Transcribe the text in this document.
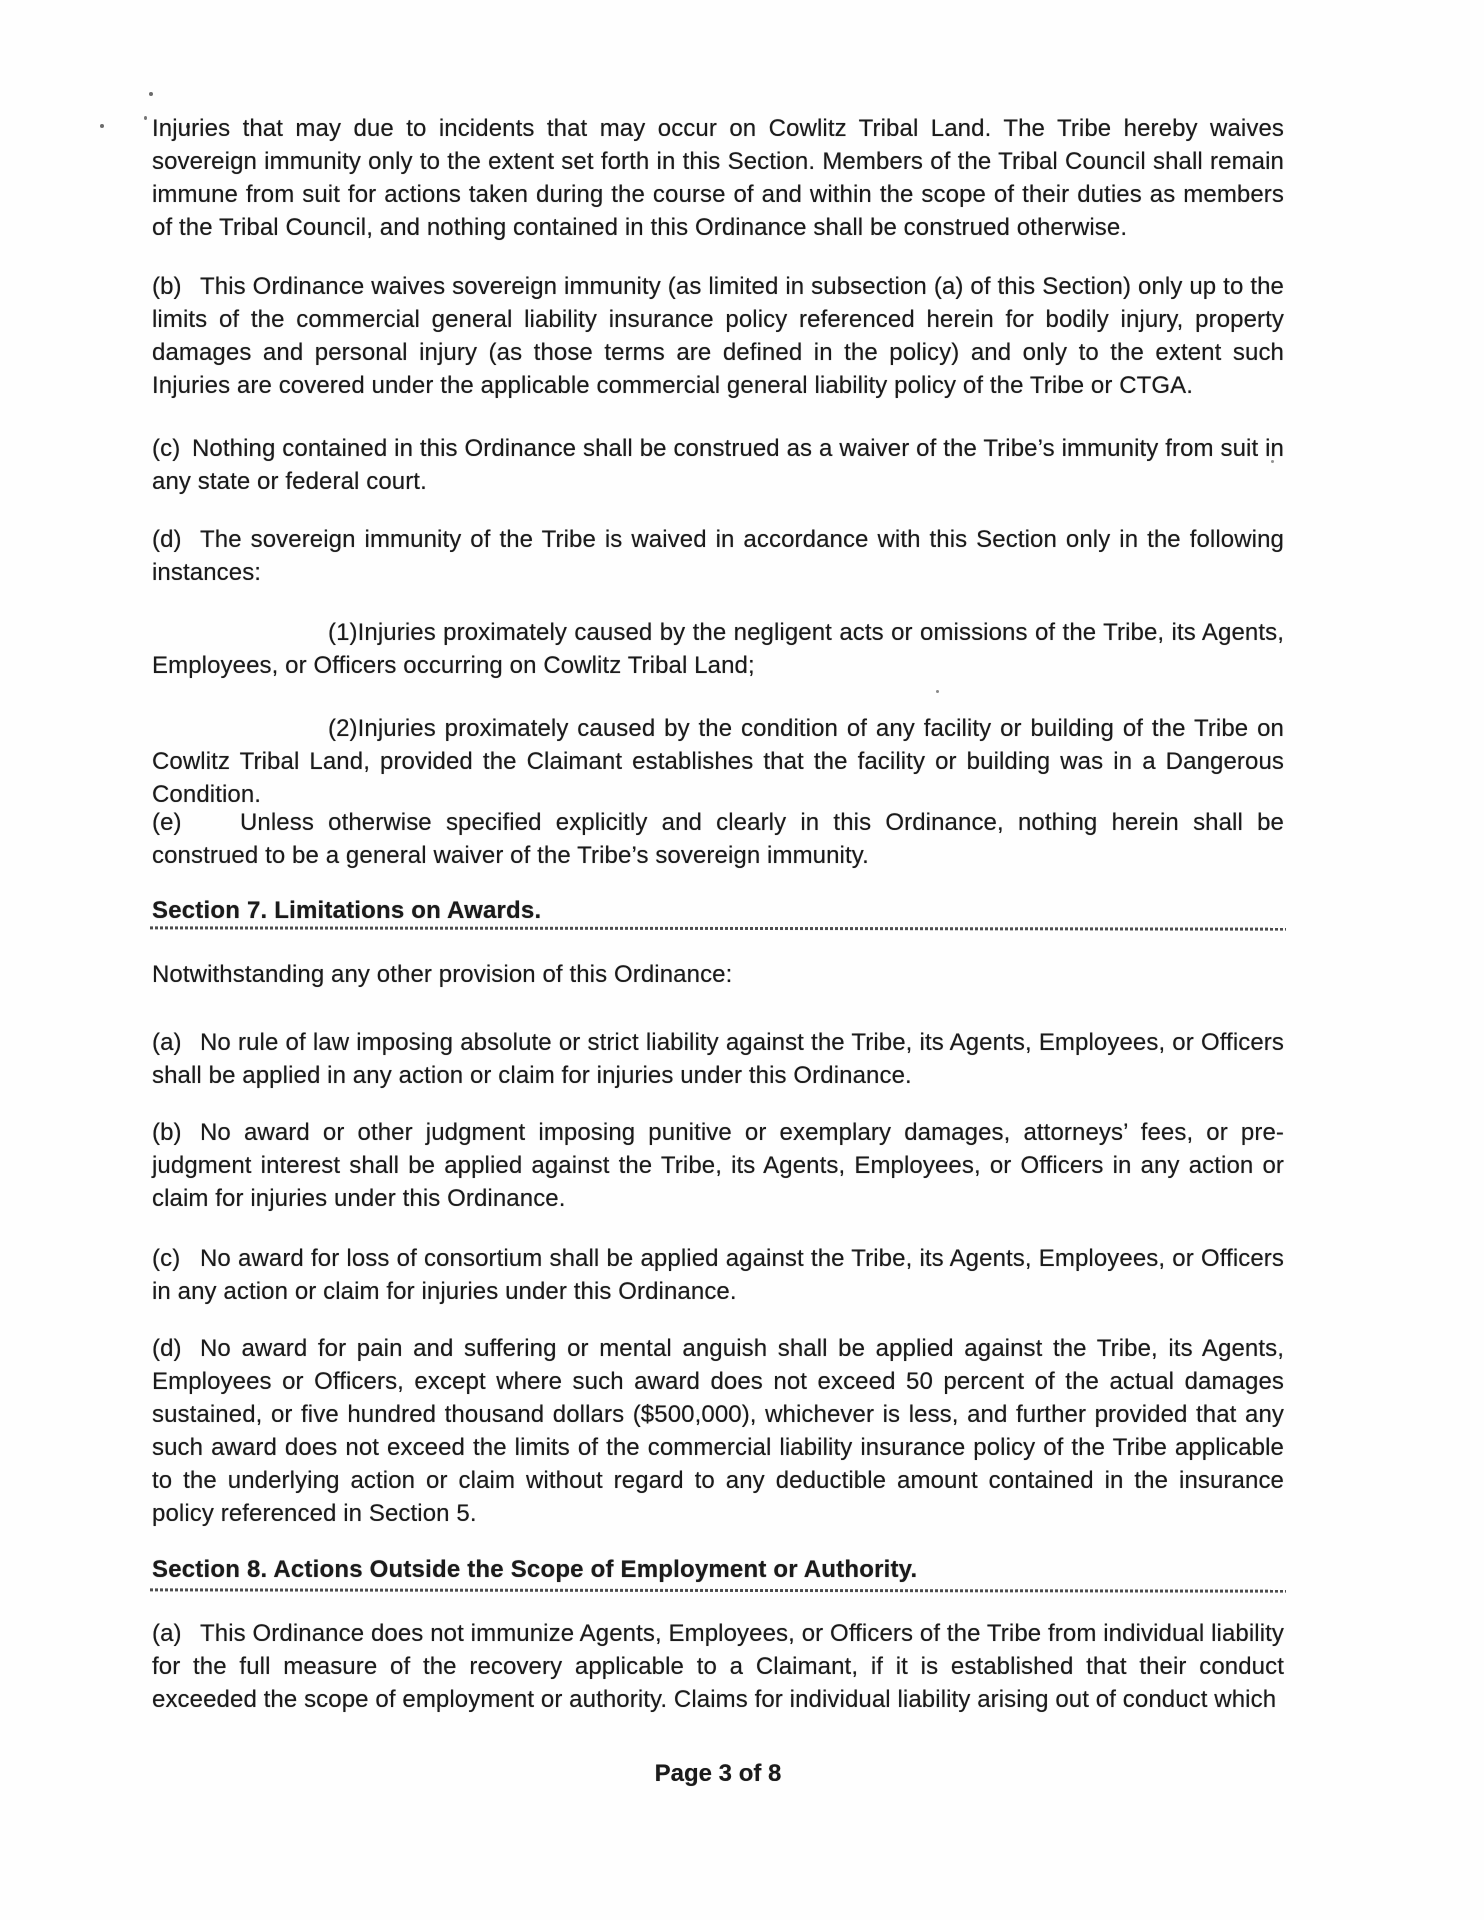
Injuries that may due to incidents that may occur on Cowlitz Tribal Land. The Tribe hereby waives sovereign immunity only to the extent set forth in this Section. Members of the Tribal Council shall remain immune from suit for actions taken during the course of and within the scope of their duties as members of the Tribal Council, and nothing contained in this Ordinance shall be construed otherwise.
(b) This Ordinance waives sovereign immunity (as limited in subsection (a) of this Section) only up to the limits of the commercial general liability insurance policy referenced herein for bodily injury, property damages and personal injury (as those terms are defined in the policy) and only to the extent such Injuries are covered under the applicable commercial general liability policy of the Tribe or CTGA.
(c) Nothing contained in this Ordinance shall be construed as a waiver of the Tribe’s immunity from suit in any state or federal court.
(d) The sovereign immunity of the Tribe is waived in accordance with this Section only in the following instances:
(1)Injuries proximately caused by the negligent acts or omissions of the Tribe, its Agents, Employees, or Officers occurring on Cowlitz Tribal Land;
(2)Injuries proximately caused by the condition of any facility or building of the Tribe on Cowlitz Tribal Land, provided the Claimant establishes that the facility or building was in a Dangerous Condition.
(e) Unless otherwise specified explicitly and clearly in this Ordinance, nothing herein shall be construed to be a general waiver of the Tribe’s sovereign immunity.
Section 7. Limitations on Awards.
Notwithstanding any other provision of this Ordinance:
(a) No rule of law imposing absolute or strict liability against the Tribe, its Agents, Employees, or Officers shall be applied in any action or claim for injuries under this Ordinance.
(b) No award or other judgment imposing punitive or exemplary damages, attorneys’ fees, or pre-judgment interest shall be applied against the Tribe, its Agents, Employees, or Officers in any action or claim for injuries under this Ordinance.
(c) No award for loss of consortium shall be applied against the Tribe, its Agents, Employees, or Officers in any action or claim for injuries under this Ordinance.
(d) No award for pain and suffering or mental anguish shall be applied against the Tribe, its Agents, Employees or Officers, except where such award does not exceed 50 percent of the actual damages sustained, or five hundred thousand dollars ($500,000), whichever is less, and further provided that any such award does not exceed the limits of the commercial liability insurance policy of the Tribe applicable to the underlying action or claim without regard to any deductible amount contained in the insurance policy referenced in Section 5.
Section 8. Actions Outside the Scope of Employment or Authority.
(a) This Ordinance does not immunize Agents, Employees, or Officers of the Tribe from individual liability for the full measure of the recovery applicable to a Claimant, if it is established that their conduct exceeded the scope of employment or authority. Claims for individual liability arising out of conduct which
Page 3 of 8
